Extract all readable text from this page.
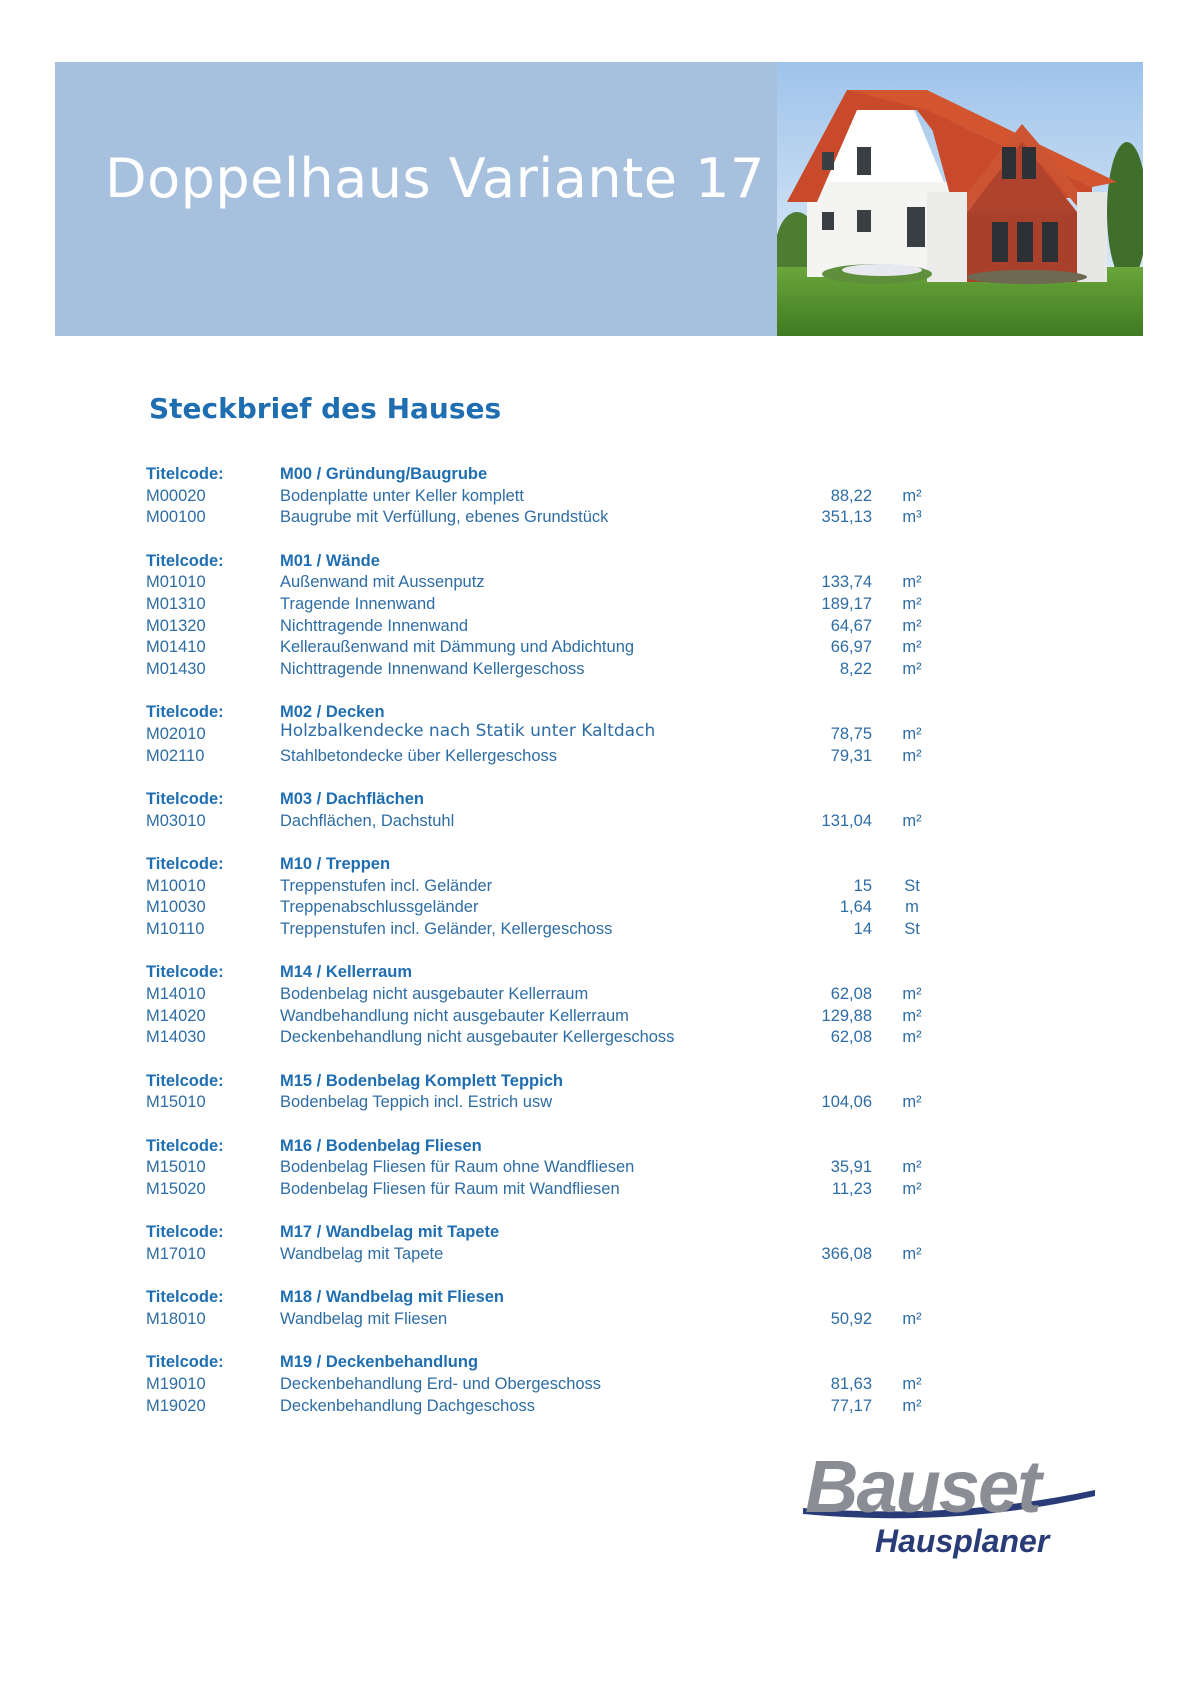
Doppelhaus Variante 17
Steckbrief des Hauses
Titelcode:	M00 / Gründung/Baugrube
M00020	Bodenplatte unter Keller komplett	88,22	m²
M00100	Baugrube mit Verfüllung, ebenes Grundstück	351,13	m³
Titelcode:	M01 / Wände
M01010	Außenwand mit Aussenputz	133,74	m²
M01310	Tragende Innenwand	189,17	m²
M01320	Nichttragende Innenwand	64,67	m²
M01410	Kelleraußenwand mit Dämmung und Abdichtung	66,97	m²
M01430	Nichttragende Innenwand Kellergeschoss	8,22	m²
Titelcode:	M02 / Decken
M02010	Holzbalkendecke nach Statik unter Kaltdach	78,75	m²
M02110	Stahlbetondecke über Kellergeschoss	79,31	m²
Titelcode:	M03 / Dachflächen
M03010	Dachflächen, Dachstuhl	131,04	m²
Titelcode:	M10 / Treppen
M10010	Treppenstufen incl. Geländer	15	St
M10030	Treppenabschlussgeländer	1,64	m
M10110	Treppenstufen incl. Geländer, Kellergeschoss	14	St
Titelcode:	M14 / Kellerraum
M14010	Bodenbelag nicht ausgebauter Kellerraum	62,08	m²
M14020	Wandbehandlung nicht ausgebauter Kellerraum	129,88	m²
M14030	Deckenbehandlung nicht ausgebauter Kellergeschoss	62,08	m²
Titelcode:	M15 / Bodenbelag Komplett Teppich
M15010	Bodenbelag Teppich incl. Estrich usw	104,06	m²
Titelcode:	M16 / Bodenbelag Fliesen
M15010	Bodenbelag Fliesen für Raum ohne Wandfliesen	35,91	m²
M15020	Bodenbelag Fliesen für Raum mit Wandfliesen	11,23	m²
Titelcode:	M17 / Wandbelag mit Tapete
M17010	Wandbelag mit Tapete	366,08	m²
Titelcode:	M18 / Wandbelag mit Fliesen
M18010	Wandbelag mit Fliesen	50,92	m²
Titelcode:	M19 / Deckenbehandlung
M19010	Deckenbehandlung Erd- und Obergeschoss	81,63	m²
M19020	Deckenbehandlung Dachgeschoss	77,17	m²
Bauset
Hausplaner
